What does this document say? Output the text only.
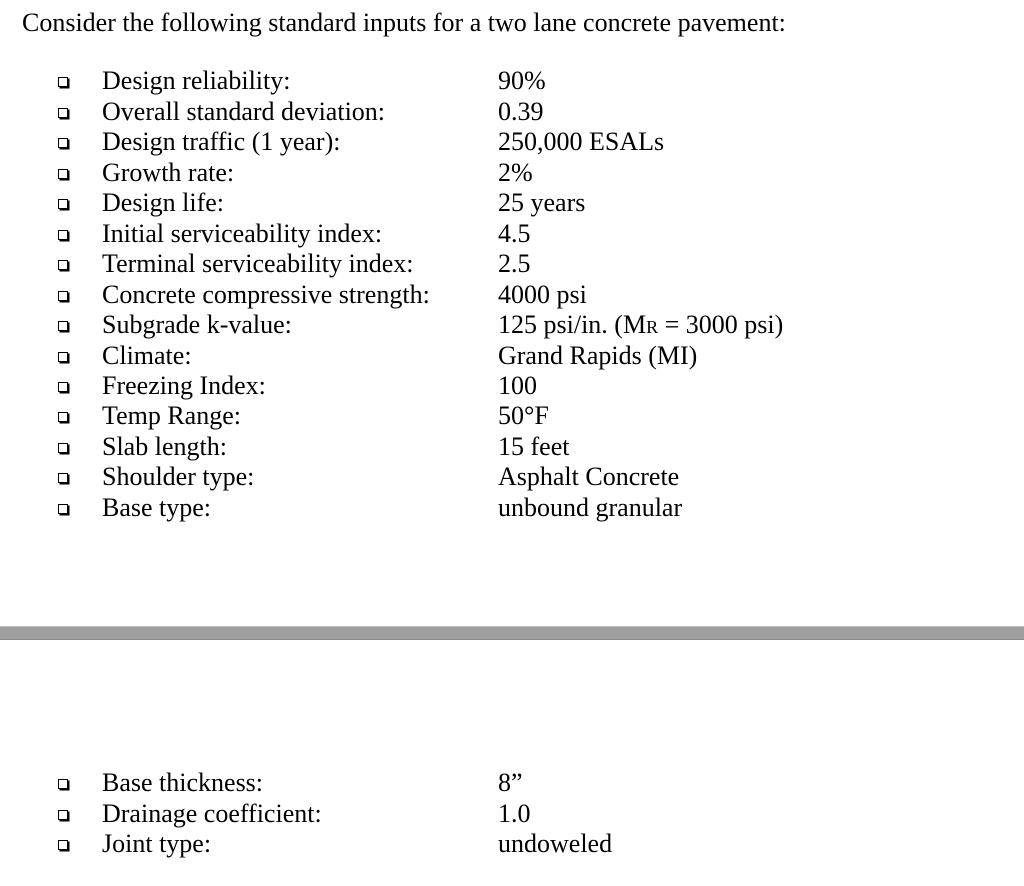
Consider the following standard inputs for a two lane concrete pavement:
Design reliability:	90%
Overall standard deviation:	0.39
Design traffic (1 year):	250,000 ESALs
Growth rate:	2%
Design life:	25 years
Initial serviceability index:	4.5
Terminal serviceability index:	2.5
Concrete compressive strength:	4000 psi
Subgrade k-value:	125 psi/in. (MR = 3000 psi)
Climate:	Grand Rapids (MI)
Freezing Index:	100
Temp Range:	50°F
Slab length:	15 feet
Shoulder type:	Asphalt Concrete
Base type:	unbound granular
Base thickness:	8”
Drainage coefficient:	1.0
Joint type:	undoweled
